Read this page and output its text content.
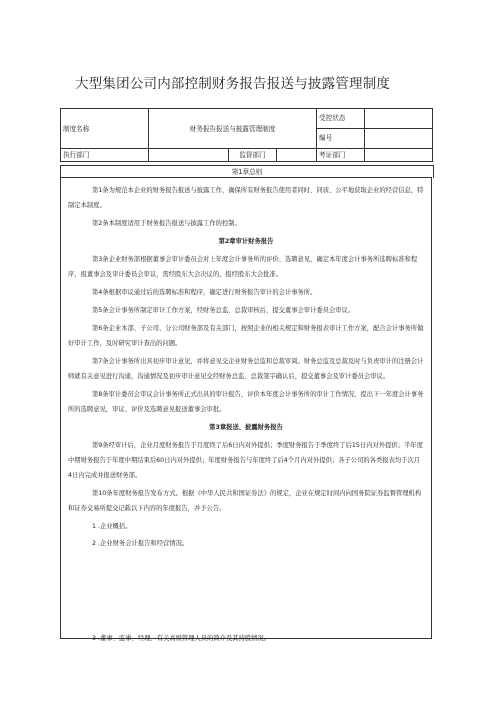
大型集团公司内部控制财务报告报送与披露管理制度
制度名称	财务报告报送与披露管理制度			受控状态	
				编号	
执行部门		监督部门		考证部门	
第1章总则
第1条为规范本企业的财务报告报送与披露工作，确保所有财务报告使用者同时、同质、公平地获取企业的经营信息，特制定本制度。
第2条本制度适用于财务报告报送与披露工作的控制。
第2章审计财务报告
第3条企业财务部根据董事会审计委员会对上年度会计事务所的评价、选聘意见，确定本年度会计事务所选聘标准和程序，报董事会及审计委员会审议，需经股东大会决议的，报经股东大会批准。
第4条根据审议通过后的选聘标准和程序，确定进行财务报告审计的会计事务所。
第5条会计事务所制定审计工作方案，经财务总监、总裁审核后，提交董事会审计委员会审议。
第6条企业本部、子公司、分公司财务部及有关部门，按照企业的相关规定和财务报表审计工作方案，配合会计事务所做好审计工作，及时研究审计查出的问题。
第7条会计事务所出具初步审计意见，并将意见交企业财务总监和总裁审阅。财务总监及总裁及时与负责审计的注册会计师就有关意见进行沟通，沟通情况及初步审计意见交经财务总监、总裁签字确认后，提交董事会及审计委员会审议。
第8条审计委员会审议会计事务所正式出具的审计报告，评价本年度会计事务所的审计工作情况，提出下一年度会计事务所的选聘意见，审议、评价及选聘意见报送董事会审批。
第3章报送、披露财务报告
第9条经审计后，企业月度财务报告于月度终了后6日内对外提供；季度财务报告于季度终了后15日内对外提供；半年度中期财务报告于年度中期结束后60日内对外提供；年度财务报告与年度终了后4个月内对外提供；各子公司的各类报表均于次月4日内完成并报送财务部。
第10条年度财务报告发布方式。根据《中华人民共和国证券法》的规定，企业在规定时间内向国务院证券监督管理机构和证券交易所提交记载以下内容的年度报告，并予公告。
1 .企业概括。
2 .企业财务会计报告和经营情况。
3 .董事、监事、经理、有关高级管理人员的简介及其持股情况。
